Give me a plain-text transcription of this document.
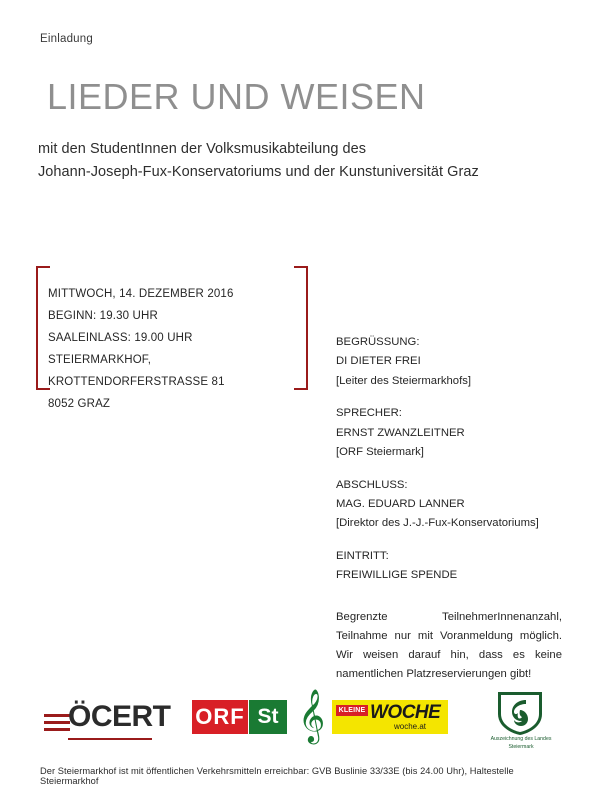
Einladung
LIEDER UND WEISEN
mit den StudentInnen der Volksmusikabteilung des
Johann-Joseph-Fux-Konservatoriums und der Kunstuniversität Graz
MITTWOCH, 14. DEZEMBER 2016
BEGINN: 19.30 UHR
SAALEINLASS: 19.00 UHR
STEIERMARKHOF, KROTTENDORFERSTRASSE 81
8052 GRAZ
BEGRÜSSUNG:
DI DIETER FREI
[Leiter des Steiermarkhofs]
SPRECHER:
ERNST ZWANZLEITNER
[ORF Steiermark]
ABSCHLUSS:
MAG. EDUARD LANNER
[Direktor des J.-J.-Fux-Konservatoriums]
EINTRITT:
FREIWILLIGE SPENDE
Begrenzte TeilnehmerInnenanzahl, Teilnahme nur mit Voranmeldung möglich. Wir weisen darauf hin, dass es keine namentlichen Platzreservierungen gibt!
ÖCERT ORF St 𝄞	KLEINE WOCHE
woche.at
Auszeichnung des Landes Steiermark
Der Steiermarkhof ist mit öffentlichen Verkehrsmitteln erreichbar: GVB Buslinie 33/33E (bis 24.00 Uhr), Haltestelle Steiermarkhof
